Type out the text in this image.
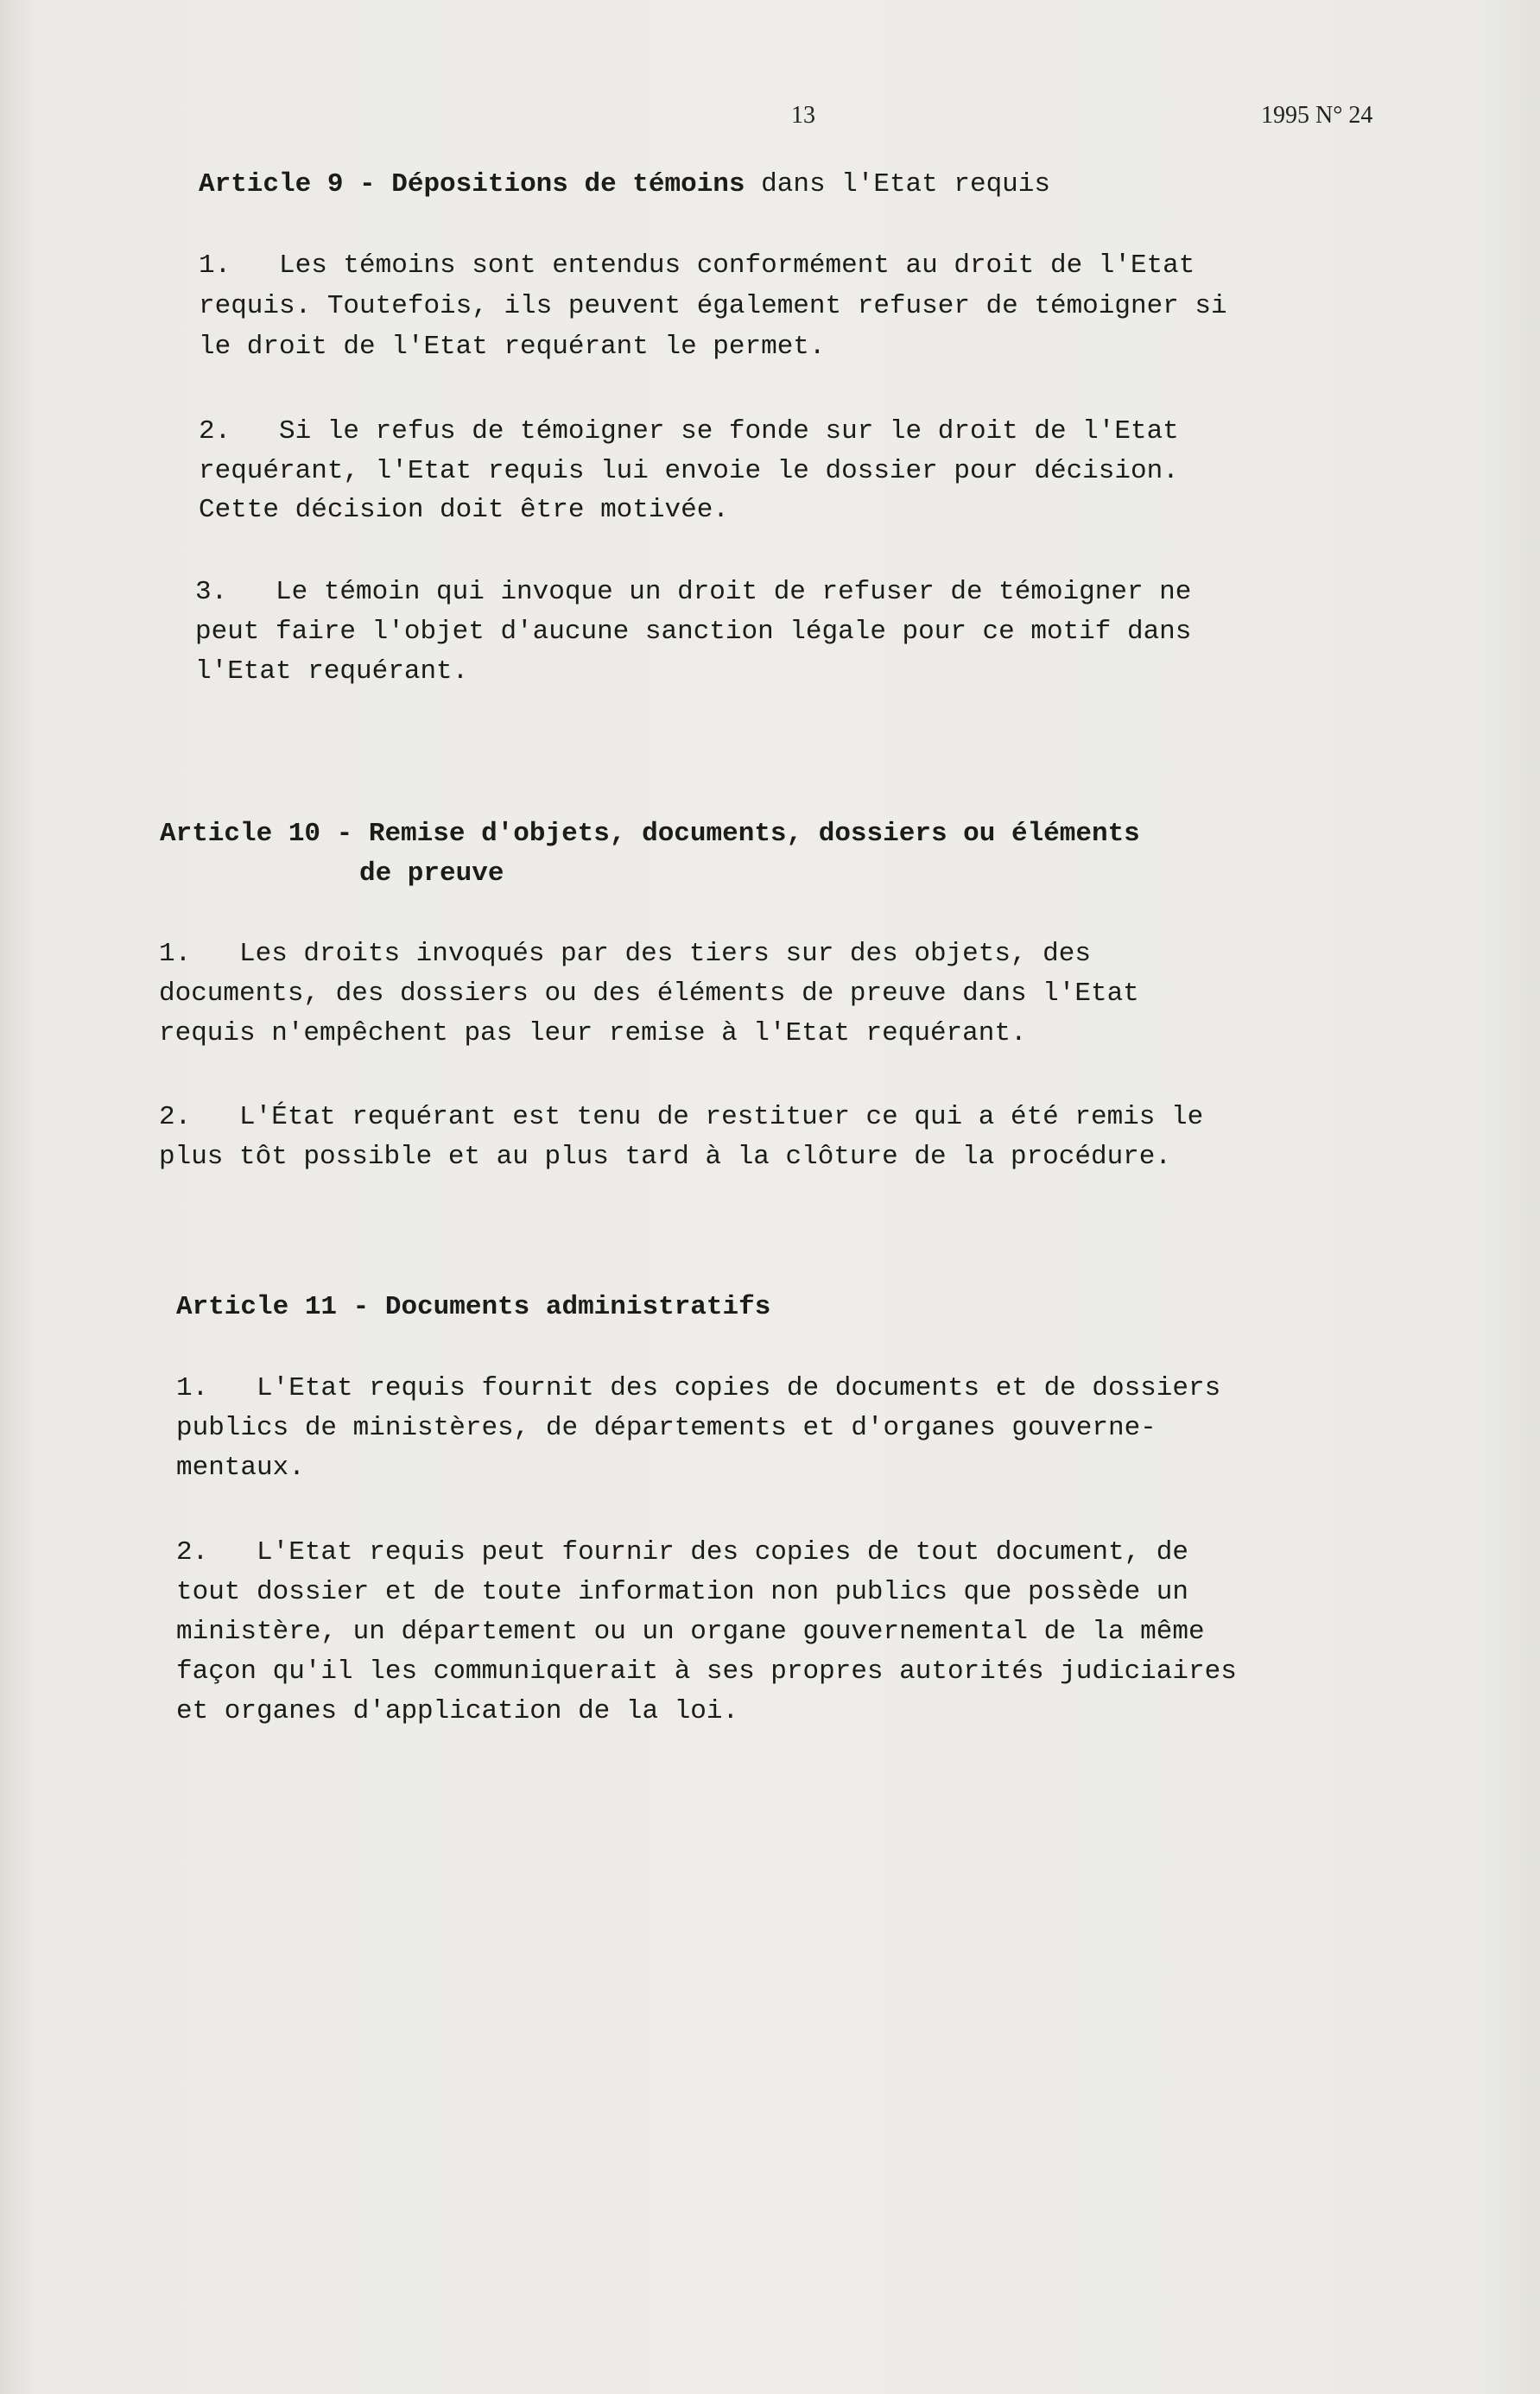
13	1995 N° 24
Article 9 - Dépositions de témoins dans l'Etat requis
1.   Les témoins sont entendus conformément au droit de l'Etat
requis. Toutefois, ils peuvent également refuser de témoigner si
le droit de l'Etat requérant le permet.
2.   Si le refus de témoigner se fonde sur le droit de l'Etat
requérant, l'Etat requis lui envoie le dossier pour décision.
Cette décision doit être motivée.
3.   Le témoin qui invoque un droit de refuser de témoigner ne
peut faire l'objet d'aucune sanction légale pour ce motif dans
l'Etat requérant.
Article 10 - Remise d'objets, documents, dossiers ou éléments
de preuve
1.   Les droits invoqués par des tiers sur des objets, des
documents, des dossiers ou des éléments de preuve dans l'Etat
requis n'empêchent pas leur remise à l'Etat requérant.
2.   L'État requérant est tenu de restituer ce qui a été remis le
plus tôt possible et au plus tard à la clôture de la procédure.
Article 11 - Documents administratifs
1.   L'Etat requis fournit des copies de documents et de dossiers
publics de ministères, de départements et d'organes gouverne-
mentaux.
2.   L'Etat requis peut fournir des copies de tout document, de
tout dossier et de toute information non publics que possède un
ministère, un département ou un organe gouvernemental de la même
façon qu'il les communiquerait à ses propres autorités judiciaires
et organes d'application de la loi.
